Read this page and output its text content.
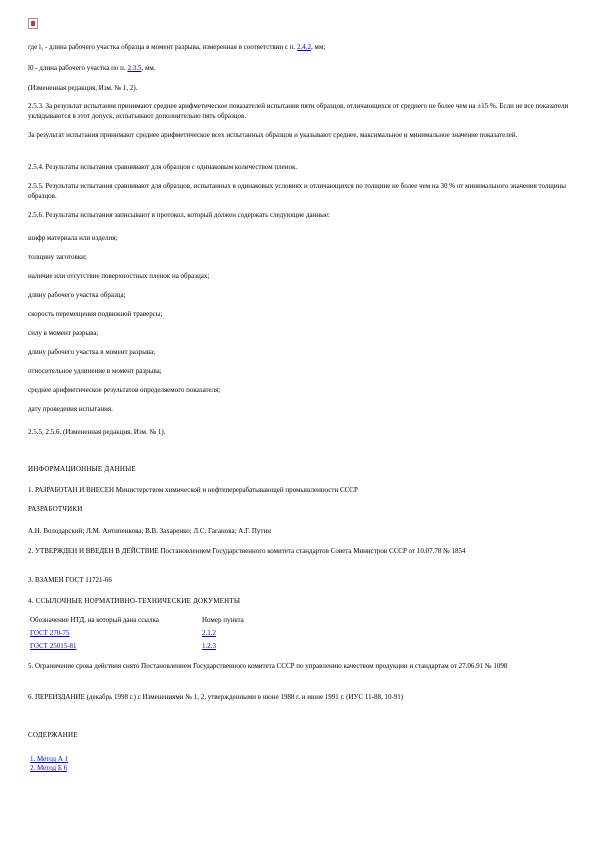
где l₁ - длина рабочего участка образца в момент разрыва, измеренная в соответствии с п. 2.4.2, мм;
l0 - длина рабочего участка по п. 2.3.5, мм.
(Измененная редакция, Изм. № 1, 2).
2.5.3. За результат испытания принимают среднее арифметическое показателей испытания пяти образцов, отличающихся от среднего не более чем на ±15 %. Если не все показатели укладываются в этот допуск, испытывают дополнительно пять образцов.
За результат испытания принимают среднее арифметическое всех испытанных образцов и указывают среднее, максимальное и минимальное значение показателей.
2.5.4. Результаты испытания сравнивают для образцов с одинаковым количеством пленок.
2.5.5. Результаты испытания сравнивают для образцов, испытанных в одинаковых условиях и отличающихся по толщине не более чем на 30 % от минимального значения толщины образцов.
2.5.6. Результаты испытания записывают в протокол, который должен содержать следующие данные:
шифр материала или изделия;
толщину заготовки;
наличие или отсутствие поверхностных пленок на образцах;
длину рабочего участка образца;
скорость перемещения подвижной траверсы;
силу в момент разрыва;
длину рабочего участка в момент разрыва;
относительное удлинение в момент разрыва;
среднее арифметическое результатов определяемого показателя;
дату проведения испытания.
2.5.5, 2.5.6. (Измененная редакция, Изм. № 1).
ИНФОРМАЦИОННЫЕ ДАННЫЕ
1. РАЗРАБОТАН И ВНЕСЕН Министерством химической и нефтеперерабатывающей промышленности СССР
РАЗРАБОТЧИКИ
А.Н. Володарский; Л.М. Антипенкова; В.В. Захаренко; Л.С. Гаганова; А.Г. Путин
2. УТВЕРЖДЕН И ВВЕДЕН В ДЕЙСТВИЕ Постановлением Государственного комитета стандартов Совета Министров СССР от 10.07.78 № 1854
3. ВЗАМЕН ГОСТ 11721-66
4. ССЫЛОЧНЫЕ НОРМАТИВНО-ТЕХНИЧЕСКИЕ ДОКУМЕНТЫ
Обозначение НТД, на который дана ссылка	Номер пункта
ГОСТ 270-75	2.1.2
ГОСТ 25015-81	1.2.3
5. Ограничение срока действия снято Постановлением Государственного комитета СССР по управлению качеством продукции и стандартам от 27.06.91 № 1098
6. ПЕРЕИЗДАНИЕ (декабрь 1998 г.) с Изменениями № 1, 2, утвержденными в июне 1988 г. и июне 1991 г. (ИУС 11-88, 10-91)
СОДЕРЖАНИЕ
1. Метод А 1
2. Метод Б 6
